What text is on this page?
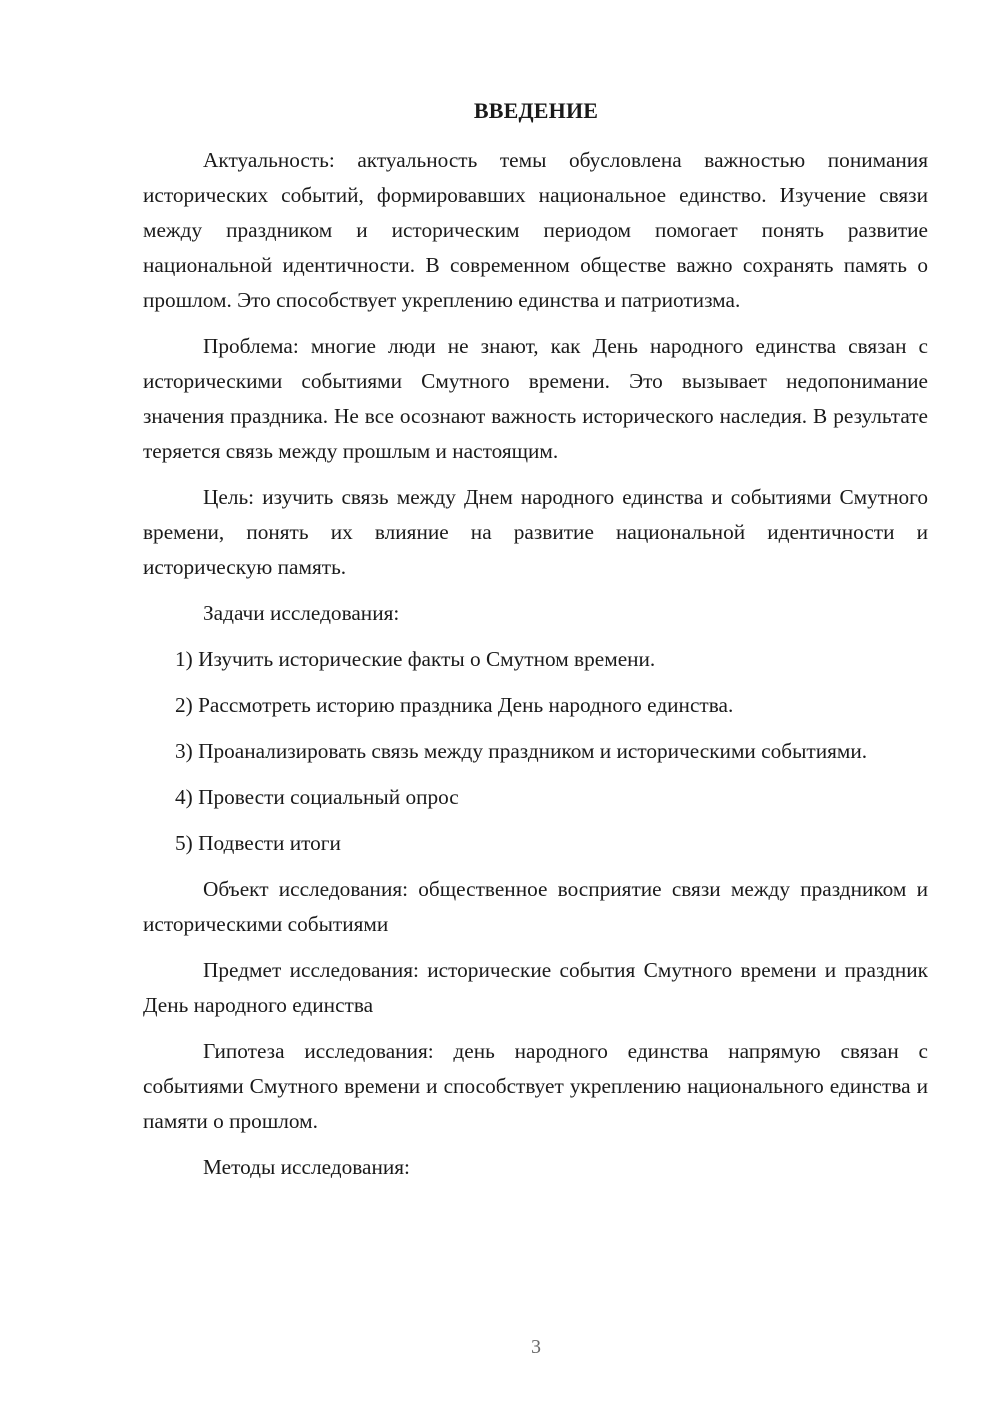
ВВЕДЕНИЕ

Актуальность: актуальность темы обусловлена важностью понимания исторических событий, формировавших национальное единство. Изучение связи между праздником и историческим периодом помогает понять развитие национальной идентичности. В современном обществе важно сохранять память о прошлом. Это способствует укреплению единства и патриотизма.

Проблема: многие люди не знают, как День народного единства связан с историческими событиями Смутного времени. Это вызывает недопонимание значения праздника. Не все осознают важность исторического наследия. В результате теряется связь между прошлым и настоящим.

Цель: изучить связь между Днем народного единства и событиями Смутного времени, понять их влияние на развитие национальной идентичности и историческую память.

Задачи исследования:

1) Изучить исторические факты о Смутном времени.

2) Рассмотреть историю праздника День народного единства.

3) Проанализировать связь между праздником и историческими событиями.

4) Провести социальный опрос

5) Подвести итоги

Объект исследования: общественное восприятие связи между праздником и историческими событиями

Предмет исследования: исторические события Смутного времени и праздник День народного единства

Гипотеза исследования: день народного единства напрямую связан с событиями Смутного времени и способствует укреплению национального единства и памяти о прошлом.

Методы исследования:

3
